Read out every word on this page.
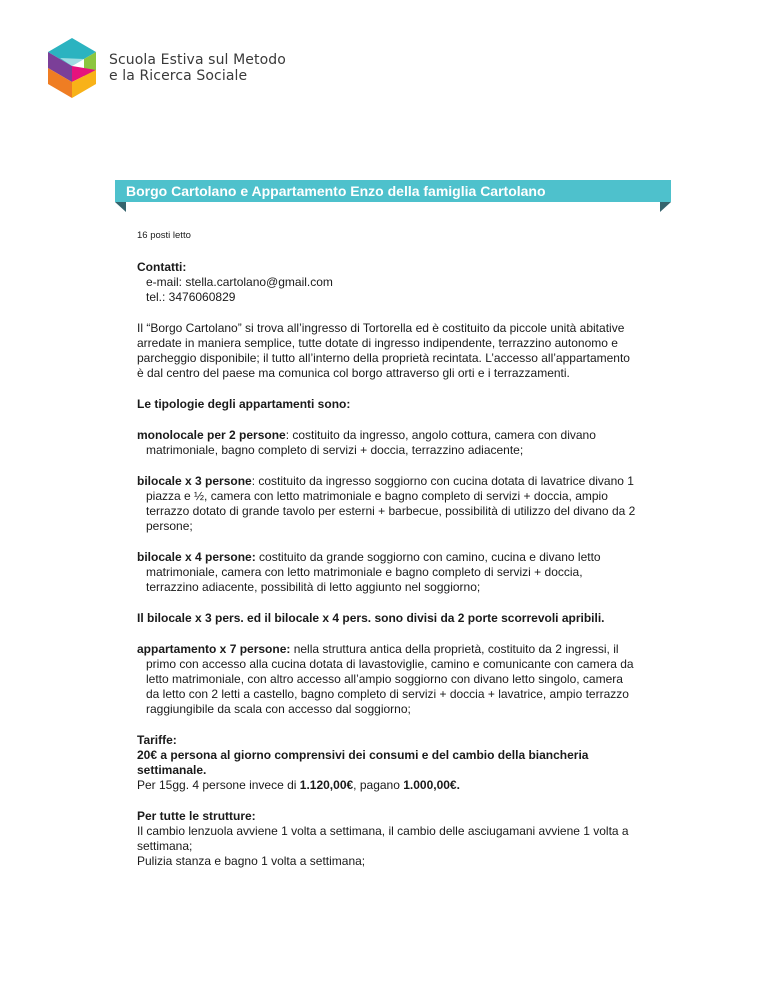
Scuola Estiva sul Metodo
e la Ricerca Sociale
Borgo Cartolano e Appartamento Enzo della famiglia Cartolano
16 posti letto
Contatti:
e-mail: stella.cartolano@gmail.com
tel.: 3476060829

Il “Borgo Cartolano” si trova all’ingresso di Tortorella ed è costituito da piccole unità abitative arredate in maniera semplice, tutte dotate di ingresso indipendente, terrazzino autonomo e parcheggio disponibile; il tutto all’interno della proprietà recintata. L’accesso all’appartamento è dal centro del paese ma comunica col borgo attraverso gli orti e i terrazzamenti.

Le tipologie degli appartamenti sono:

monolocale per 2 persone: costituito da ingresso, angolo cottura, camera con divano matrimoniale, bagno completo di servizi + doccia, terrazzino adiacente;

bilocale x 3 persone: costituito da ingresso soggiorno con cucina dotata di lavatrice divano 1 piazza e ½, camera con letto matrimoniale e bagno completo di servizi + doccia, ampio terrazzo dotato di grande tavolo per esterni + barbecue, possibilità di utilizzo del divano da 2 persone;

bilocale x 4 persone: costituito da grande soggiorno con camino, cucina e divano letto matrimoniale, camera con letto matrimoniale e bagno completo di servizi + doccia, terrazzino adiacente, possibilità di letto aggiunto nel soggiorno;

Il bilocale x 3 pers. ed il bilocale x 4 pers. sono divisi da 2 porte scorrevoli apribili.

appartamento x 7 persone: nella struttura antica della proprietà, costituito da 2 ingressi, il primo con accesso alla cucina dotata di lavastoviglie, camino e comunicante con camera da letto matrimoniale, con altro accesso all’ampio soggiorno con divano letto singolo, camera da letto con 2 letti a castello, bagno completo di servizi + doccia + lavatrice, ampio terrazzo raggiungibile da scala con accesso dal soggiorno;

Tariffe:
20€ a persona al giorno comprensivi dei consumi e del cambio della biancheria settimanale.
Per 15gg. 4 persone invece di 1.120,00€, pagano 1.000,00€.
Per tutte le strutture:
Il cambio lenzuola avviene 1 volta a settimana, il cambio delle asciugamani avviene 1 volta a settimana;
Pulizia stanza e bagno 1 volta a settimana;
